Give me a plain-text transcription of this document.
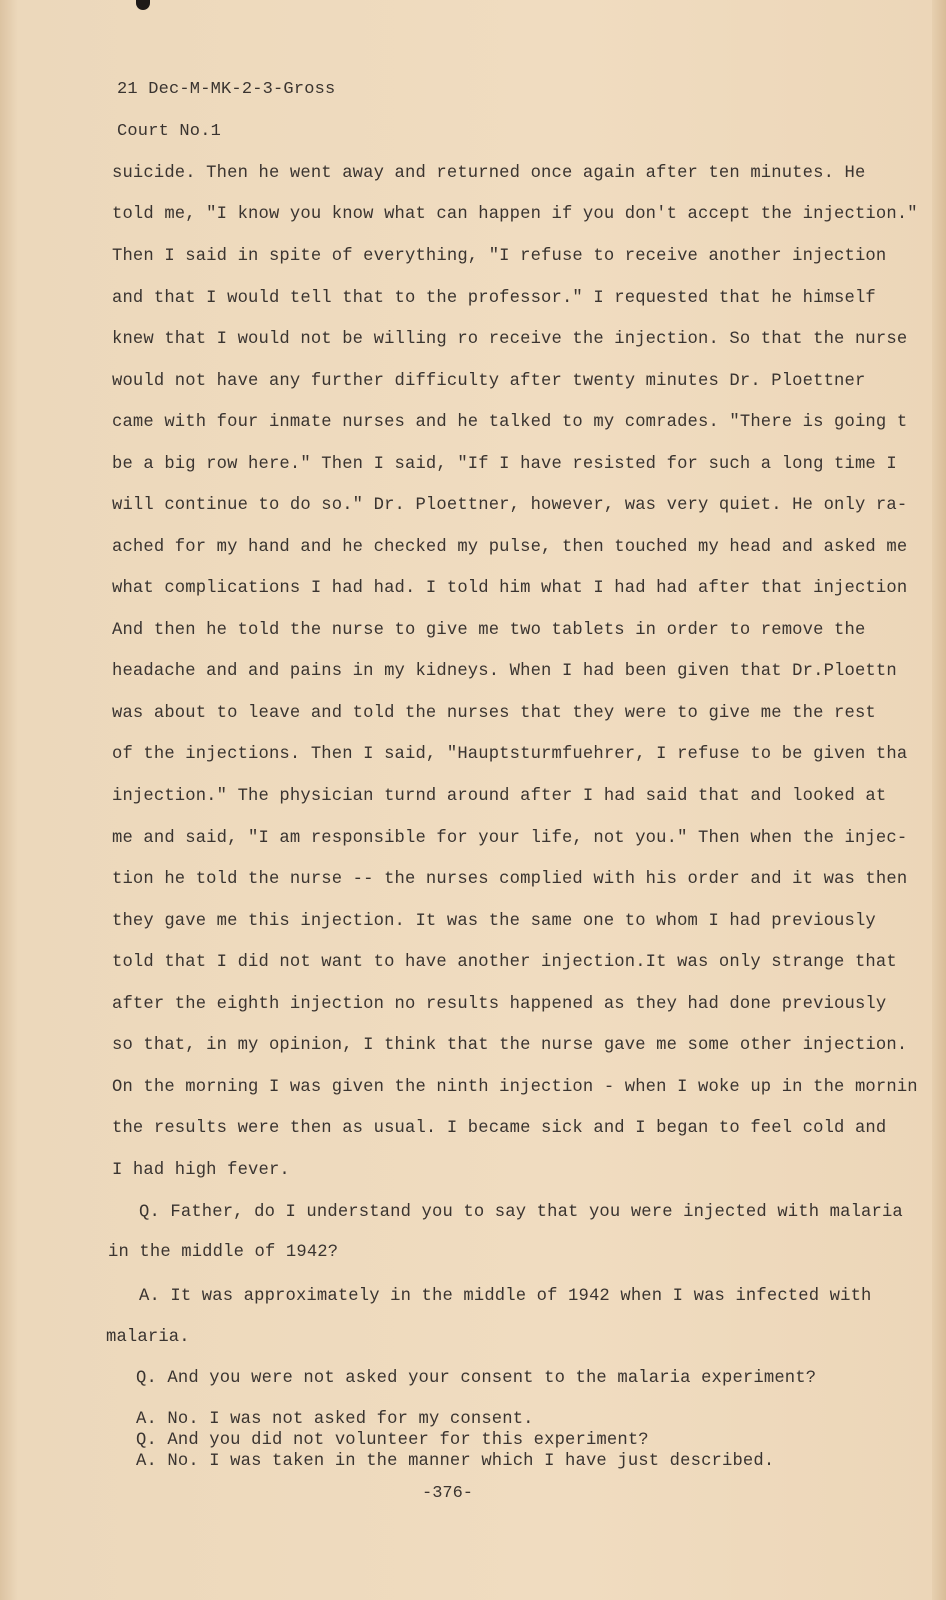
21 Dec-M-MK-2-3-Gross
Court No.1
suicide. Then he went away and returned once again after ten minutes. He
told me, "I know you know what can happen if you don't accept the injection."
Then I said in spite of everything, "I refuse to receive another injection
and that I would tell that to the professor." I requested that he himself
knew that I would not be willing ro receive the injection. So that the nurse
would not have any further difficulty after twenty minutes Dr. Ploettner
came with four inmate nurses and he talked to my comrades. "There is going t
be a big row here." Then I said, "If I have resisted for such a long time I
will continue to do so." Dr. Ploettner, however, was very quiet. He only ra-
ached for my hand and he checked my pulse, then touched my head and asked me
what complications I had had. I told him what I had had after that injection
And then he told the nurse to give me two tablets in order to remove the
headache and and pains in my kidneys. When I had been given that Dr.Ploettn
was about to leave and told the nurses that they were to give me the rest
of the injections. Then I said, "Hauptsturmfuehrer, I refuse to be given tha
injection." The physician turnd around after I had said that and looked at
me and said, "I am responsible for your life, not you." Then when the injec-
tion he told the nurse -- the nurses complied with his order and it was then
they gave me this injection. It was the same one to whom I had previously
told that I did not want to have another injection.It was only strange that
after the eighth injection no results happened as they had done previously
so that, in my opinion, I think that the nurse gave me some other injection.
On the morning I was given the ninth injection - when I woke up in the mornin
the results were then as usual. I became sick and I began to feel cold and
I had high fever.
Q. Father, do I understand you to say that you were injected with malaria
in the middle of 1942?
A. It was approximately in the middle of 1942 when I was infected with
malaria.
Q. And you were not asked your consent to the malaria experiment?
A. No. I was not asked for my consent.
Q. And you did not volunteer for this experiment?
A. No. I was taken in the manner which I have just described.
-376-
